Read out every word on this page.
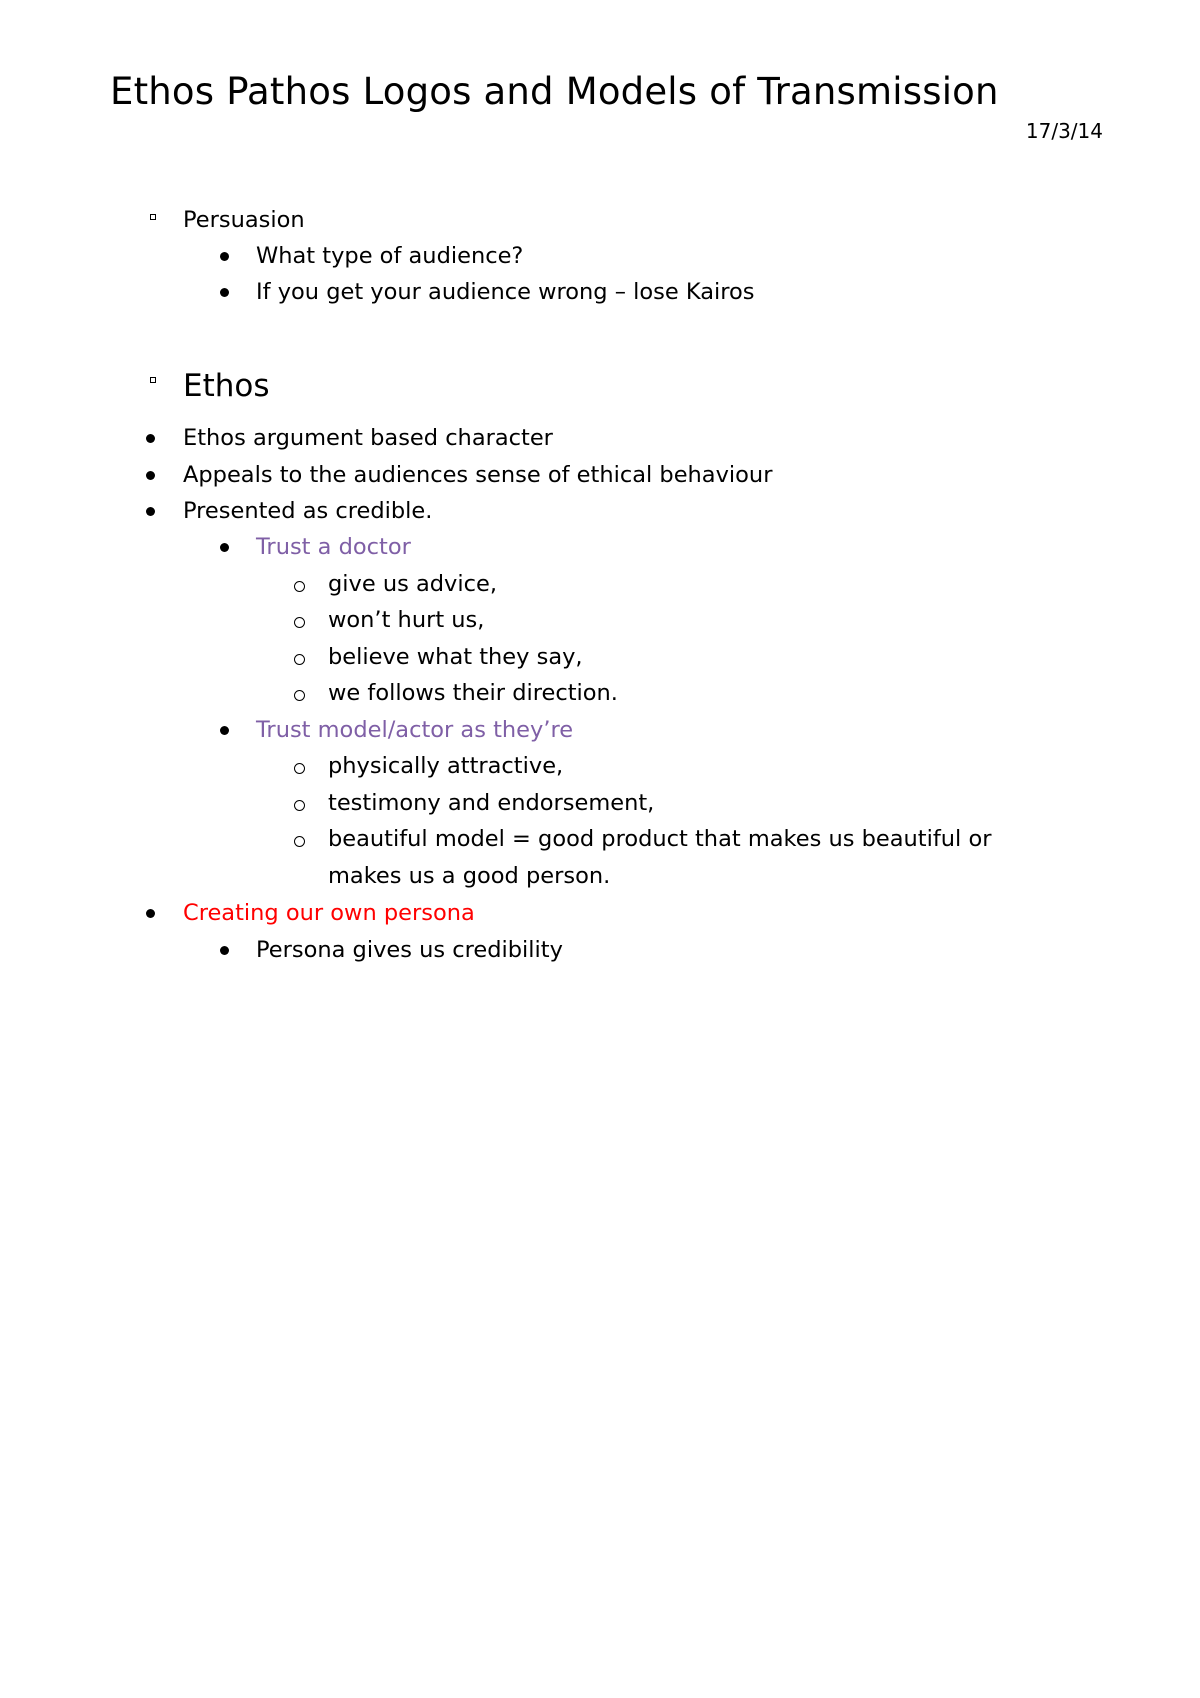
Ethos Pathos Logos and Models of Transmission
17/3/14
Persuasion
What type of audience?
If you get your audience wrong – lose Kairos
Ethos
Ethos argument based character
Appeals to the audiences sense of ethical behaviour
Presented as credible.
Trust a doctor
give us advice,
won’t hurt us,
believe what they say,
we follows their direction.
Trust model/actor as they’re
physically attractive,
testimony and endorsement,
beautiful model = good product that makes us beautiful or
makes us a good person.
Creating our own persona
Persona gives us credibility
